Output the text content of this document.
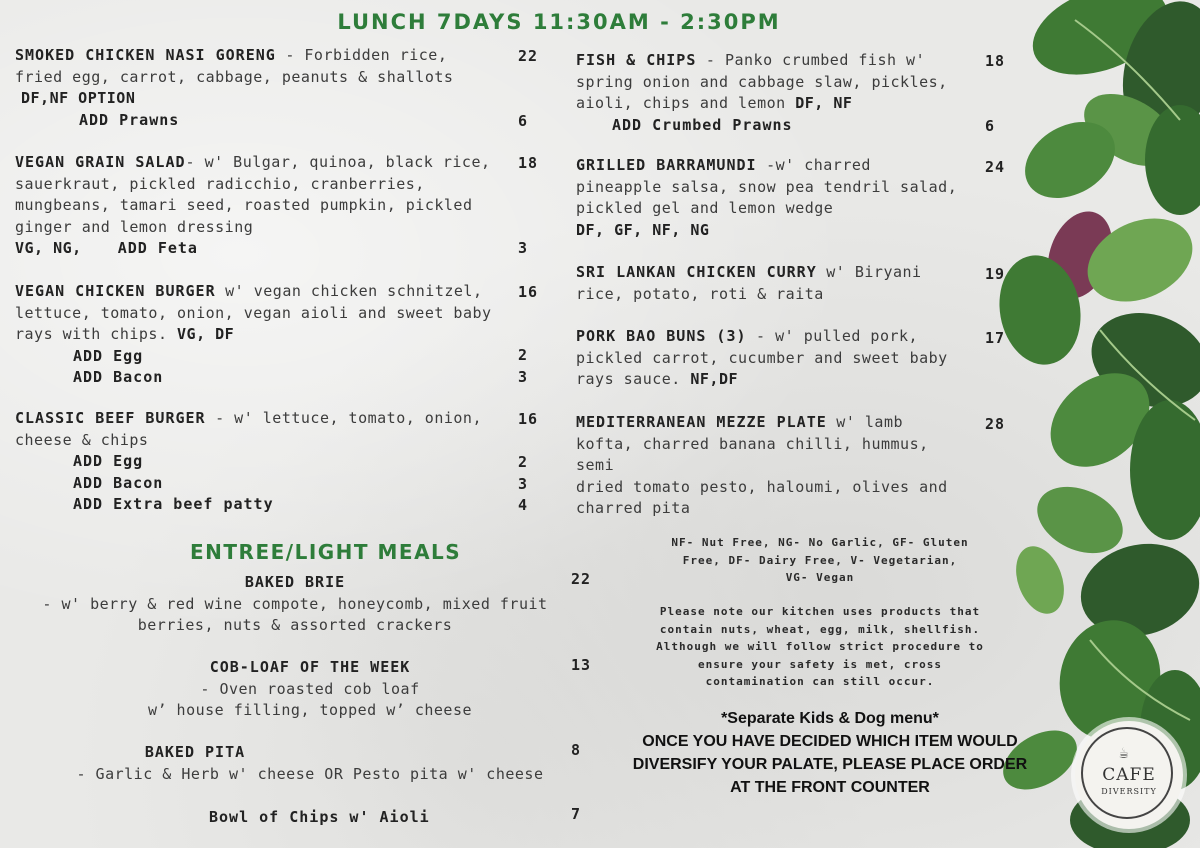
LUNCH 7DAYS 11:30AM - 2:30PM
SMOKED CHICKEN NASI GORENG - Forbidden rice,
fried egg, carrot, cabbage, peanuts & shallots
DF,NF OPTION
ADD Prawns
22
6
VEGAN GRAIN SALAD- w' Bulgar, quinoa, black rice,
sauerkraut, pickled radicchio, cranberries,
mungbeans, tamari seed, roasted pumpkin, pickled
ginger and lemon dressing
VG, NG, ADD Feta
18
3
VEGAN CHICKEN BURGER w' vegan chicken schnitzel,
lettuce, tomato, onion, vegan aioli and sweet baby
rays with chips. VG, DF
ADD Egg
ADD Bacon
16
2
3
CLASSIC BEEF BURGER - w' lettuce, tomato, onion,
cheese & chips
ADD Egg
ADD Bacon
ADD Extra beef patty
16
2
3
4
FISH & CHIPS - Panko crumbed fish w'
spring onion and cabbage slaw, pickles,
aioli, chips and lemon DF, NF
ADD Crumbed Prawns
18
6
GRILLED BARRAMUNDI -w' charred
pineapple salsa, snow pea tendril salad,
pickled gel and lemon wedge
DF, GF, NF, NG
24
SRI LANKAN CHICKEN CURRY w' Biryani
rice, potato, roti & raita
19
PORK BAO BUNS (3) - w' pulled pork,
pickled carrot, cucumber and sweet baby
rays sauce. NF,DF
17
MEDITERRANEAN MEZZE PLATE w' lamb
kofta, charred banana chilli, hummus, semi
dried tomato pesto, haloumi, olives and
charred pita
28
ENTREE/LIGHT MEALS
BAKED BRIE
- w' berry & red wine compote, honeycomb, mixed fruit
berries, nuts & assorted crackers
22
COB-LOAF OF THE WEEK
- Oven roasted cob loaf
w’ house filling, topped w’ cheese
13
BAKED PITA
- Garlic & Herb w' cheese OR Pesto pita w' cheese
8
Bowl of Chips w' Aioli	7
NF- Nut Free, NG- No Garlic, GF- Gluten
Free, DF- Dairy Free, V- Vegetarian,
VG- Vegan
Please note our kitchen uses products that
contain nuts, wheat, egg, milk, shellfish.
Although we will follow strict procedure to
ensure your safety is met, cross
contamination can still occur.
*Separate Kids & Dog menu*
ONCE YOU HAVE DECIDED WHICH ITEM WOULD
DIVERSIFY YOUR PALATE, PLEASE PLACE ORDER
AT THE FRONT COUNTER
☕
CAFE
DIVERSITY
